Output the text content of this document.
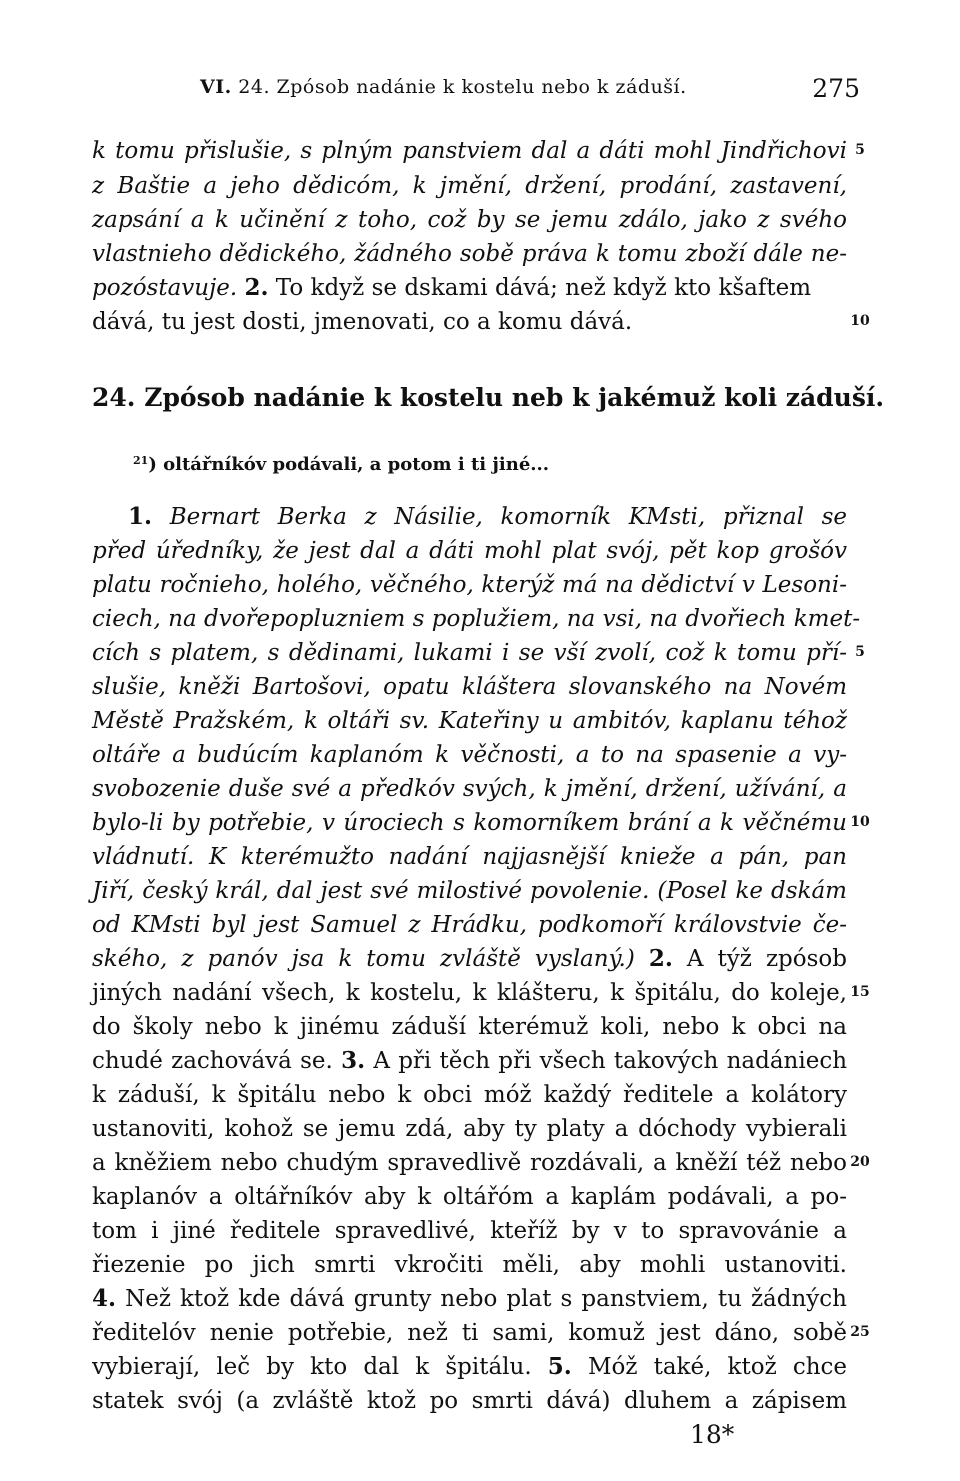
VI. 24. Zpósob nadánie k kostelu nebo k záduší.	275
k tomu přislušie, s plným panstviem dal a dáti mohl Jindřichovi 5
z Baštie a jeho dědicóm, k jmění, držení, prodání, zastavení,
zapsání a k učinění z toho, což by se jemu zdálo, jako z svého
vlastnieho dědického, žádného sobě práva k tomu zboží dále ne-
pozóstavuje. 2. To když se dskami dává; než když kto kšaftem
dává, tu jest dosti, jmenovati, co a komu dává.	10
24. Zpósob nadánie k kostelu neb k jakémuž koli záduší.
$^{21}$) oltářníkóv podávali, a potom i ti jiné...
1. Bernart Berka z Násilie, komorník KMsti, přiznal se
před úředníky, že jest dal a dáti mohl plat svój, pět kop grošóv
platu ročnieho, holého, věčného, kterýž má na dědictví v Lesoni-
ciech, na dvořepopluzniem s poplužiem, na vsi, na dvořiech kmet-
cích s platem, s dědinami, lukami i se vší zvolí, což k tomu pří- 5
slušie, kněži Bartošovi, opatu kláštera slovanského na Novém
Městě Pražském, k oltáři sv. Kateřiny u ambitóv, kaplanu téhož
oltáře a budúcím kaplanóm k věčnosti, a to na spasenie a vy-
svobozenie duše své a předkóv svých, k jmění, držení, užívání, a
bylo-li by potřebie, v úrociech s komorníkem brání a k věčnému 10
vládnutí. K kterémužto nadání najjasnější knieže a pán, pan
Jiří, český král, dal jest své milostivé povolenie. (Posel ke dskám
od KMsti byl jest Samuel z Hrádku, podkomoří královstvie če-
ského, z panóv jsa k tomu zvláště vyslaný.) 2. A týž zpósob
jiných nadání všech, k kostelu, k klášteru, k špitálu, do koleje, 15
do školy nebo k jinému záduší kterémuž koli, nebo k obci na
chudé zachovává se. 3. A při těch při všech takových nadániech
k záduší, k špitálu nebo k obci móž každý ředitele a kolátory
ustanoviti, kohož se jemu zdá, aby ty platy a dóchody vybierali
a kněžiem nebo chudým spravedlivě rozdávali, a kněží též nebo 20
kaplanóv a oltářníkóv aby k oltářóm a kaplám podávali, a po-
tom i jiné ředitele spravedlivé, kteříž by v to spravovánie a
řiezenie po jich smrti vkročiti měli, aby mohli ustanoviti.
4. Než ktož kde dává grunty nebo plat s panstviem, tu žádných
ředitelóv nenie potřebie, než ti sami, komuž jest dáno, sobě 25
vybierají, leč by kto dal k špitálu. 5. Móž také, ktož chce
statek svój (a zvláště ktož po smrti dává) dluhem a zápisem
18*
